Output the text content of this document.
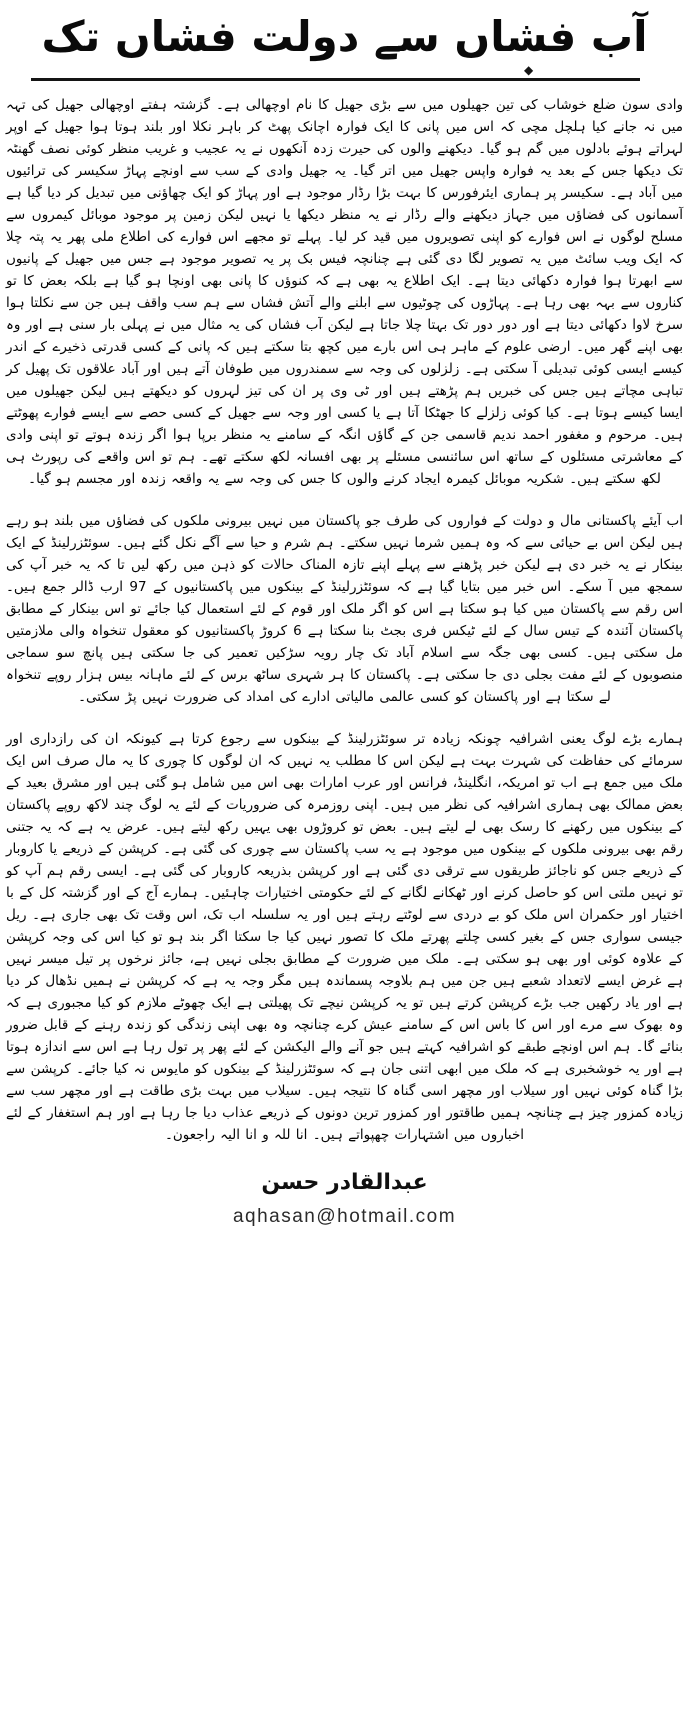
آب فشاں سے دولت فشاں تک
◆

وادی سون ضلع خوشاب کی تین جھیلوں میں سے بڑی جھیل کا نام اوچھالی ہے۔ گزشتہ ہفتے اوچھالی جھیل کی تہہ میں نہ جانے کیا ہلچل مچی کہ اس میں پانی کا ایک فوارہ اچانک پھٹ کر باہر نکلا اور بلند ہوتا ہوا جھیل کے اوپر لہراتے ہوئے بادلوں میں گم ہو گیا۔ دیکھنے والوں کی حیرت زدہ آنکھوں نے یہ عجیب و غریب منظر کوئی نصف گھنٹہ تک دیکھا جس کے بعد یہ فوارہ واپس جھیل میں اتر گیا۔ یہ جھیل وادی کے سب سے اونچے پہاڑ سکیسر کی ترائیوں میں آباد ہے۔ سکیسر پر ہماری ایئرفورس کا بہت بڑا رڈار موجود ہے اور پہاڑ کو ایک چھاؤنی میں تبدیل کر دیا گیا ہے آسمانوں کی فضاؤں میں جہاز دیکھنے والے رڈار نے یہ منظر دیکھا یا نہیں لیکن زمین پر موجود موبائل کیمروں سے مسلح لوگوں نے اس فوارے کو اپنی تصویروں میں قید کر لیا۔ پہلے تو مجھے اس فوارے کی اطلاع ملی پھر یہ پتہ چلا کہ ایک ویب سائٹ میں یہ تصویر لگا دی گئی ہے چنانچہ فیس بک پر یہ تصویر موجود ہے جس میں جھیل کے پانیوں سے ابھرتا ہوا فوارہ دکھائی دیتا ہے۔ ایک اطلاع یہ بھی ہے کہ کنوؤں کا پانی بھی اونچا ہو گیا ہے بلکہ بعض کا تو کناروں سے بہہ بھی رہا ہے۔ پہاڑوں کی چوٹیوں سے ابلنے والے آتش فشاں سے ہم سب واقف ہیں جن سے نکلتا ہوا سرخ لاوا دکھائی دیتا ہے اور دور دور تک بہتا چلا جاتا ہے لیکن آب فشاں کی یہ مثال میں نے پہلی بار سنی ہے اور وہ بھی اپنے گھر میں۔ ارضی علوم کے ماہر ہی اس بارے میں کچھ بتا سکتے ہیں کہ پانی کے کسی قدرتی ذخیرے کے اندر کیسے ایسی کوئی تبدیلی آ سکتی ہے۔ زلزلوں کی وجہ سے سمندروں میں طوفان آتے ہیں اور آباد علاقوں تک پھیل کر تباہی مچاتے ہیں جس کی خبریں ہم پڑھتے ہیں اور ٹی وی پر ان کی تیز لہروں کو دیکھتے ہیں لیکن جھیلوں میں ایسا کیسے ہوتا ہے۔ کیا کوئی زلزلے کا جھٹکا آتا ہے یا کسی اور وجہ سے جھیل کے کسی حصے سے ایسے فوارے پھوٹتے ہیں۔ مرحوم و مغفور احمد ندیم قاسمی جن کے گاؤں انگہ کے سامنے یہ منظر برپا ہوا اگر زندہ ہوتے تو اپنی وادی کے معاشرتی مسئلوں کے ساتھ اس سائنسی مسئلے پر بھی افسانہ لکھ سکتے تھے۔ ہم تو اس واقعے کی رپورٹ ہی لکھ سکتے ہیں۔ شکریہ موبائل کیمرہ ایجاد کرنے والوں کا جس کی وجہ سے یہ واقعہ زندہ اور مجسم ہو گیا۔

اب آیئے پاکستانی مال و دولت کے فواروں کی طرف جو پاکستان میں نہیں بیرونی ملکوں کی فضاؤں میں بلند ہو رہے ہیں لیکن اس بے حیائی سے کہ وہ ہمیں شرما نہیں سکتے۔ ہم شرم و حیا سے آگے نکل گئے ہیں۔ سوئٹزرلینڈ کے ایک بینکار نے یہ خبر دی ہے لیکن خبر پڑھنے سے پہلے اپنے تازہ المناک حالات کو ذہن میں رکھ لیں تا کہ یہ خبر آپ کی سمجھ میں آ سکے۔ اس خبر میں بتایا گیا ہے کہ سوئٹزرلینڈ کے بینکوں میں پاکستانیوں کے 97 ارب ڈالر جمع ہیں۔ اس رقم سے پاکستان میں کیا ہو سکتا ہے اس کو اگر ملک اور قوم کے لئے استعمال کیا جائے تو اس بینکار کے مطابق پاکستان آئندہ کے تیس سال کے لئے ٹیکس فری بجٹ بنا سکتا ہے 6 کروڑ پاکستانیوں کو معقول تنخواہ والی ملازمتیں مل سکتی ہیں۔ کسی بھی جگہ سے اسلام آباد تک چار رویہ سڑکیں تعمیر کی جا سکتی ہیں پانچ سو سماجی منصوبوں کے لئے مفت بجلی دی جا سکتی ہے۔ پاکستان کا ہر شہری ساٹھ برس کے لئے ماہانہ بیس ہزار روپے تنخواہ لے سکتا ہے اور پاکستان کو کسی عالمی مالیاتی ادارے کی امداد کی ضرورت نہیں پڑ سکتی۔

ہمارے بڑے لوگ یعنی اشرافیہ چونکہ زیادہ تر سوئٹزرلینڈ کے بینکوں سے رجوع کرتا ہے کیونکہ ان کی رازداری اور سرمائے کی حفاظت کی شہرت بہت ہے لیکن اس کا مطلب یہ نہیں کہ ان لوگوں کا چوری کا یہ مال صرف اس ایک ملک میں جمع ہے اب تو امریکہ، انگلینڈ، فرانس اور عرب امارات بھی اس میں شامل ہو گئی ہیں اور مشرق بعید کے بعض ممالک بھی ہماری اشرافیہ کی نظر میں ہیں۔ اپنی روزمرہ کی ضروریات کے لئے یہ لوگ چند لاکھ روپے پاکستان کے بینکوں میں رکھنے کا رسک بھی لے لیتے ہیں۔ بعض تو کروڑوں بھی یہیں رکھ لیتے ہیں۔ عرض یہ ہے کہ یہ جتنی رقم بھی بیرونی ملکوں کے بینکوں میں موجود ہے یہ سب پاکستان سے چوری کی گئی ہے۔ کرپشن کے ذریعے یا کاروبار کے ذریعے جس کو ناجائز طریقوں سے ترقی دی گئی ہے اور کرپشن بذریعہ کاروبار کی گئی ہے۔ ایسی رقم ہم آپ کو تو نہیں ملتی اس کو حاصل کرنے اور ٹھکانے لگانے کے لئے حکومتی اختیارات چاہئیں۔ ہمارے آج کے اور گزشتہ کل کے با اختیار اور حکمران اس ملک کو بے دردی سے لوٹتے رہتے ہیں اور یہ سلسلہ اب تک، اس وقت تک بھی جاری ہے۔ ریل جیسی سواری جس کے بغیر کسی چلتے پھرتے ملک کا تصور نہیں کیا جا سکتا اگر بند ہو تو کیا اس کی وجہ کرپشن کے علاوہ کوئی اور بھی ہو سکتی ہے۔ ملک میں ضرورت کے مطابق بجلی نہیں ہے، جائز نرخوں پر تیل میسر نہیں ہے غرض ایسے لاتعداد شعبے ہیں جن میں ہم بلاوجہ پسماندہ ہیں مگر وجہ یہ ہے کہ کرپشن نے ہمیں نڈھال کر دیا ہے اور یاد رکھیں جب بڑے کرپشن کرتے ہیں تو یہ کرپشن نیچے تک پھیلتی ہے ایک چھوٹے ملازم کو کیا مجبوری ہے کہ وہ بھوک سے مرے اور اس کا باس اس کے سامنے عیش کرے چنانچہ وہ بھی اپنی زندگی کو زندہ رہنے کے قابل ضرور بنائے گا۔ ہم اس اونچے طبقے کو اشرافیہ کہتے ہیں جو آنے والے الیکشن کے لئے پھر پر تول رہا ہے اس سے اندازہ ہوتا ہے اور یہ خوشخبری ہے کہ ملک میں ابھی اتنی جان ہے کہ سوئٹزرلینڈ کے بینکوں کو مایوس نہ کیا جائے۔ کرپشن سے بڑا گناہ کوئی نہیں اور سیلاب اور مچھر اسی گناہ کا نتیجہ ہیں۔ سیلاب میں بہت بڑی طاقت ہے اور مچھر سب سے زیادہ کمزور چیز ہے چنانچہ ہمیں طاقتور اور کمزور ترین دونوں کے ذریعے عذاب دیا جا رہا ہے اور ہم استغفار کے لئے اخباروں میں اشتہارات چھپواتے ہیں۔ انا للہ و انا الیہ راجعون۔

عبدالقادر حسن
aqhasan@hotmail.com
